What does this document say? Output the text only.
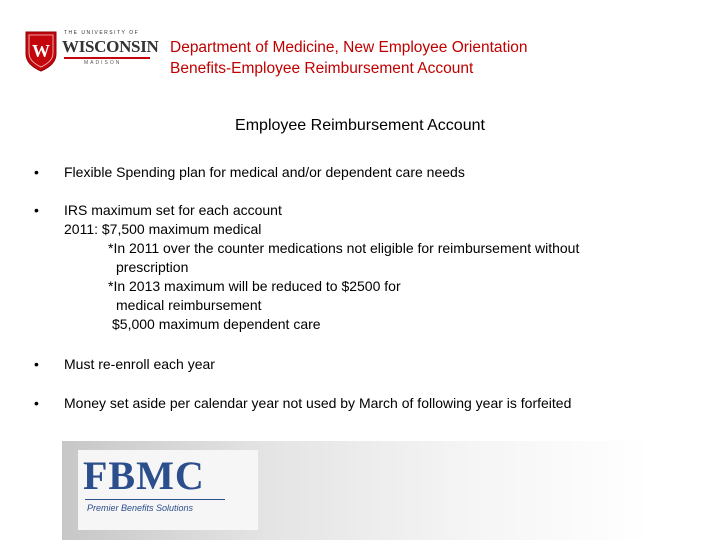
W
THE UNIVERSITY OF
WISCONSIN
MADISON
Department of Medicine, New Employee Orientation
Benefits-Employee Reimbursement Account
Employee Reimbursement Account
• Flexible Spending plan for medical and/or dependent care needs
• IRS maximum set for each account
2011: $7,500 maximum medical
*In 2011 over the counter medications not eligible for reimbursement without
prescription
*In 2013 maximum will be reduced to $2500 for
medical reimbursement
$5,000 maximum dependent care
• Must re-enroll each year
• Money set aside per calendar year not used by March of following year is forfeited
FBMC
Premier Benefits Solutions
